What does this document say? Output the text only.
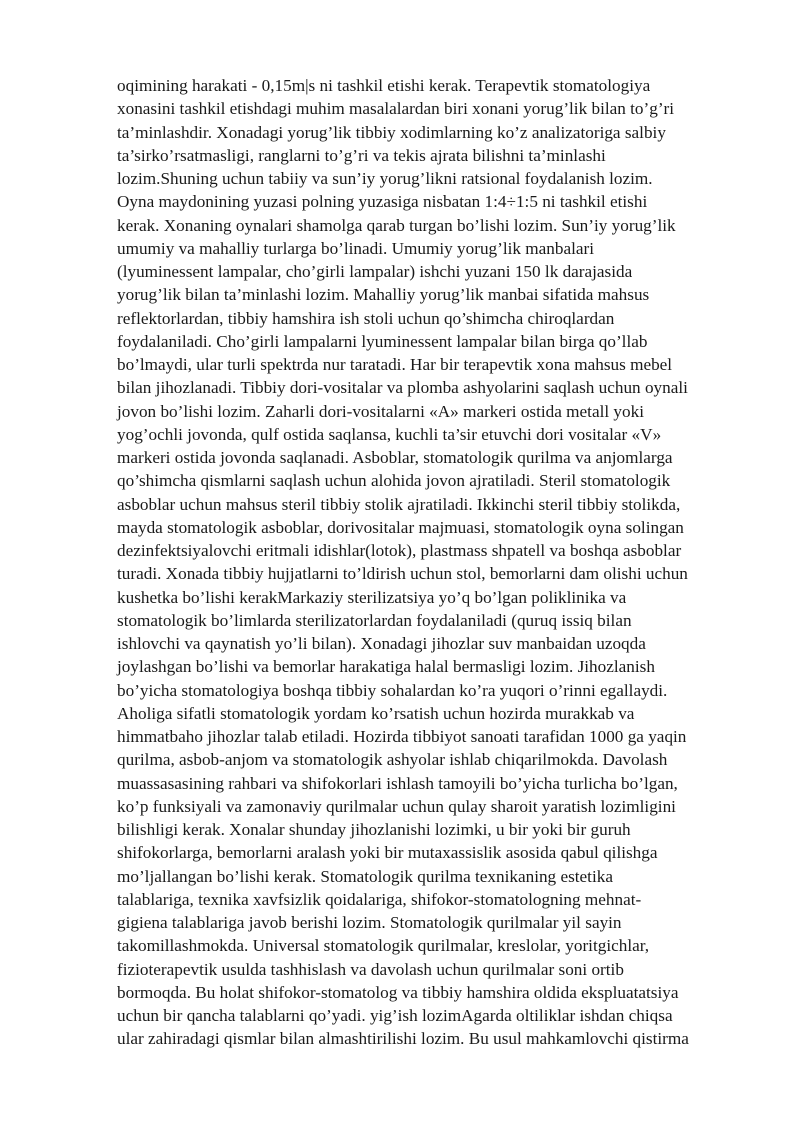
oqimining harakati - 0,15m|s ni tashkil etishi kerak. Terapevtik stomatologiya
xonasini tashkil etishdagi muhim masalalardan biri xonani yorug’lik bilan to’g’ri
ta’minlashdir. Xonadagi yorug’lik tibbiy xodimlarning ko’z analizatoriga salbiy
ta’sirko’rsatmasligi, ranglarni to’g’ri va tekis ajrata bilishni ta’minlashi
lozim.Shuning uchun tabiiy va sun’iy yorug’likni ratsional foydalanish lozim.
Oyna maydonining yuzasi polning yuzasiga nisbatan 1:4÷1:5 ni tashkil etishi
kerak. Xonaning oynalari shamolga qarab turgan bo’lishi lozim. Sun’iy yorug’lik
umumiy va mahalliy turlarga bo’linadi. Umumiy yorug’lik manbalari
(lyuminessent lampalar, cho’girli lampalar) ishchi yuzani 150 lk darajasida
yorug’lik bilan ta’minlashi lozim. Mahalliy yorug’lik manbai sifatida mahsus
reflektorlardan, tibbiy hamshira ish stoli uchun qo’shimcha chiroqlardan
foydalaniladi. Cho’girli lampalarni lyuminessent lampalar bilan birga qo’llab
bo’lmaydi, ular turli spektrda nur taratadi. Har bir terapevtik xona mahsus mebel
bilan jihozlanadi. Tibbiy dori-vositalar va plomba ashyolarini saqlash uchun oynali
jovon bo’lishi lozim. Zaharli dori-vositalarni «A» markeri ostida metall yoki
yog’ochli jovonda, qulf ostida saqlansa, kuchli ta’sir etuvchi dori vositalar «V»
markeri ostida jovonda saqlanadi. Asboblar, stomatologik qurilma va anjomlarga
qo’shimcha qismlarni saqlash uchun alohida jovon ajratiladi. Steril stomatologik
asboblar uchun mahsus steril tibbiy stolik ajratiladi. Ikkinchi steril tibbiy stolikda,
mayda stomatologik asboblar, dorivositalar majmuasi, stomatologik oyna solingan
dezinfektsiyalovchi eritmali idishlar(lotok), plastmass shpatell va boshqa asboblar
turadi. Xonada tibbiy hujjatlarni to’ldirish uchun stol, bemorlarni dam olishi uchun
kushetka bo’lishi kerakMarkaziy sterilizatsiya yo’q bo’lgan poliklinika va
stomatologik bo’limlarda sterilizatorlardan foydalaniladi (quruq issiq bilan
ishlovchi va qaynatish yo’li bilan). Xonadagi jihozlar suv manbaidan uzoqda
joylashgan bo’lishi va bemorlar harakatiga halal bermasligi lozim. Jihozlanish
bo’yicha stomatologiya boshqa tibbiy sohalardan ko’ra yuqori o’rinni egallaydi.
Aholiga sifatli stomatologik yordam ko’rsatish uchun hozirda murakkab va
himmatbaho jihozlar talab etiladi. Hozirda tibbiyot sanoati tarafidan 1000 ga yaqin
qurilma, asbob-anjom va stomatologik ashyolar ishlab chiqarilmokda. Davolash
muassasasining rahbari va shifokorlari ishlash tamoyili bo’yicha turlicha bo’lgan,
ko’p funksiyali va zamonaviy qurilmalar uchun qulay sharoit yaratish lozimligini
bilishligi kerak. Xonalar shunday jihozlanishi lozimki, u bir yoki bir guruh
shifokorlarga, bemorlarni aralash yoki bir mutaxassislik asosida qabul qilishga
mo’ljallangan bo’lishi kerak. Stomatologik qurilma texnikaning estetika
talablariga, texnika xavfsizlik qoidalariga, shifokor-stomatologning mehnat-
gigiena talablariga javob berishi lozim. Stomatologik qurilmalar yil sayin
takomillashmokda. Universal stomatologik qurilmalar, kreslolar, yoritgichlar,
fizioterapevtik usulda tashhislash va davolash uchun qurilmalar soni ortib
bormoqda. Bu holat shifokor-stomatolog va tibbiy hamshira oldida ekspluatatsiya
uchun bir qancha talablarni qo’yadi. yig’ish lozimAgarda oltiliklar ishdan chiqsa
ular zahiradagi qismlar bilan almashtirilishi lozim. Bu usul mahkamlovchi qistirma
